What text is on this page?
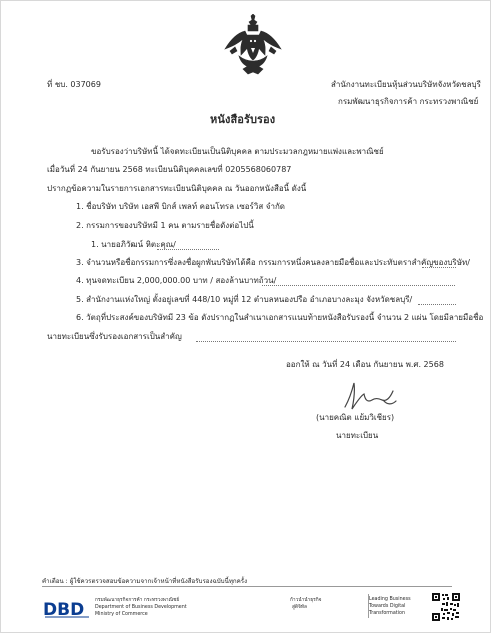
ที่ ชบ. 037069	สำนักงานทะเบียนหุ้นส่วนบริษัทจังหวัดชลบุรี
กรมพัฒนาธุรกิจการค้า กระทรวงพาณิชย์
หนังสือรับรอง
ขอรับรองว่าบริษัทนี้ ได้จดทะเบียนเป็นนิติบุคคล ตามประมวลกฎหมายแพ่งและพาณิชย์
เมื่อวันที่ 24 กันยายน 2568 ทะเบียนนิติบุคคลเลขที่ 0205568060787
ปรากฏข้อความในรายการเอกสารทะเบียนนิติบุคคล ณ วันออกหนังสือนี้ ดังนี้
1. ชื่อบริษัท บริษัท เอสพี บิกส์ เพลท์ คอนโทรล เซอร์วิส จำกัด
2. กรรมการของบริษัทมี 1 คน ตามรายชื่อดังต่อไปนี้
1. นายอภิวัฒน์ หิตะคุณ/
3. จำนวนหรือชื่อกรรมการซึ่งลงชื่อผูกพันบริษัทได้คือ กรรมการหนึ่งคนลงลายมือชื่อและประทับตราสำคัญของบริษัท/
4. ทุนจดทะเบียน 2,000,000.00 บาท / สองล้านบาทถ้วน/
5. สำนักงานแห่งใหญ่ ตั้งอยู่เลขที่ 448/10 หมู่ที่ 12 ตำบลหนองปรือ อำเภอบางละมุง จังหวัดชลบุรี/
6. วัตถุที่ประสงค์ของบริษัทมี 23 ข้อ ดังปรากฏในสำเนาเอกสารแนบท้ายหนังสือรับรองนี้ จำนวน 2 แผ่น โดยมีลายมือชื่อ
นายทะเบียนซึ่งรับรองเอกสารเป็นสำคัญ
ออกให้ ณ วันที่ 24 เดือน กันยายน พ.ศ. 2568
(นายคณิต แย้มวิเชียร)
นายทะเบียน
คำเตือน : ผู้ใช้ควรตรวจสอบข้อความจากเจ้าหน้าที่หนังสือรับรองฉบับนี้ทุกครั้ง
DBD กรมพัฒนาธุรกิจการค้า กระทรวงพาณิชย์
Department of Business Development
Ministry of Commerce
ก้าวนำนำธุรกิจ
สู่ดิจิทัล
Leading Business
Towards Digital
Transformation
